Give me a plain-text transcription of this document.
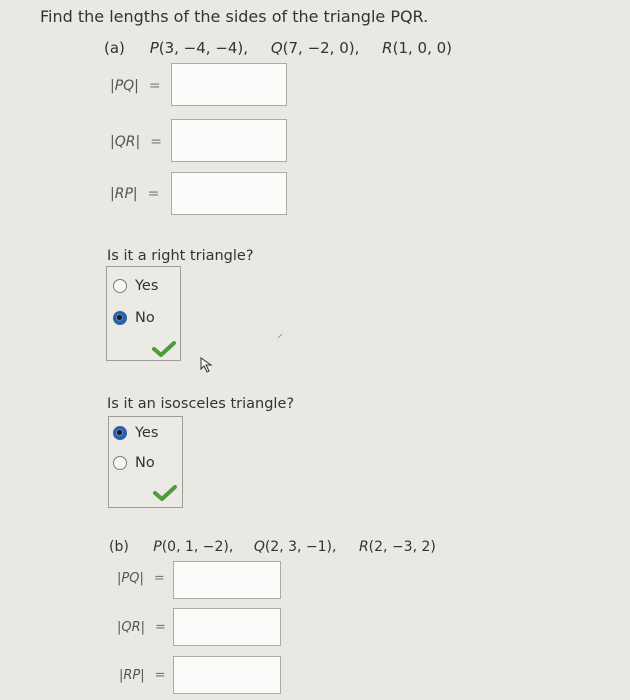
Find the lengths of the sides of the triangle PQR.
(a) P(3, −4, −4), Q(7, −2, 0), R(1, 0, 0)
|PQ| =
|QR| =
|RP| =
Is it a right triangle?
Yes
No
Is it an isosceles triangle?
Yes
No
(b) P(0, 1, −2), Q(2, 3, −1), R(2, −3, 2)
|PQ| =
|QR| =
|RP| =
